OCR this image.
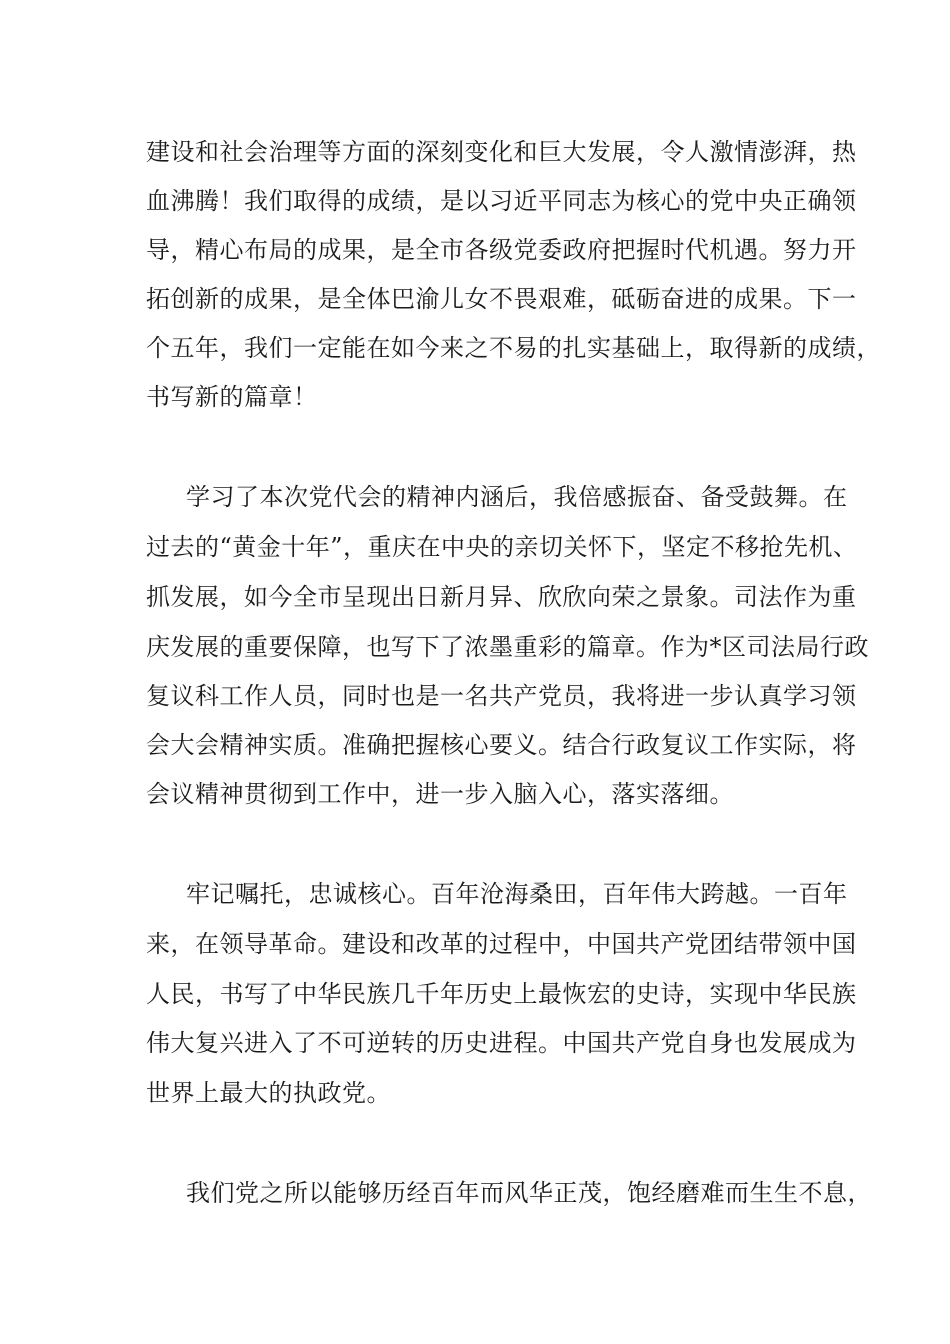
建设和社会治理等方面的深刻变化和巨大发展，令人激情澎湃，热
血沸腾！我们取得的成绩，是以习近平同志为核心的党中央正确领
导，精心布局的成果，是全市各级党委政府把握时代机遇。努力开
拓创新的成果，是全体巴渝儿女不畏艰难，砥砺奋进的成果。下一
个五年，我们一定能在如今来之不易的扎实基础上，取得新的成绩，
书写新的篇章！
学习了本次党代会的精神内涵后，我倍感振奋、备受鼓舞。在
过去的“黄金十年”，重庆在中央的亲切关怀下，坚定不移抢先机、
抓发展，如今全市呈现出日新月异、欣欣向荣之景象。司法作为重
庆发展的重要保障，也写下了浓墨重彩的篇章。作为*区司法局行政
复议科工作人员，同时也是一名共产党员，我将进一步认真学习领
会大会精神实质。准确把握核心要义。结合行政复议工作实际，将
会议精神贯彻到工作中，进一步入脑入心，落实落细。
牢记嘱托，忠诚核心。百年沧海桑田，百年伟大跨越。一百年
来，在领导革命。建设和改革的过程中，中国共产党团结带领中国
人民，书写了中华民族几千年历史上最恢宏的史诗，实现中华民族
伟大复兴进入了不可逆转的历史进程。中国共产党自身也发展成为
世界上最大的执政党。
我们党之所以能够历经百年而风华正茂，饱经磨难而生生不息，
